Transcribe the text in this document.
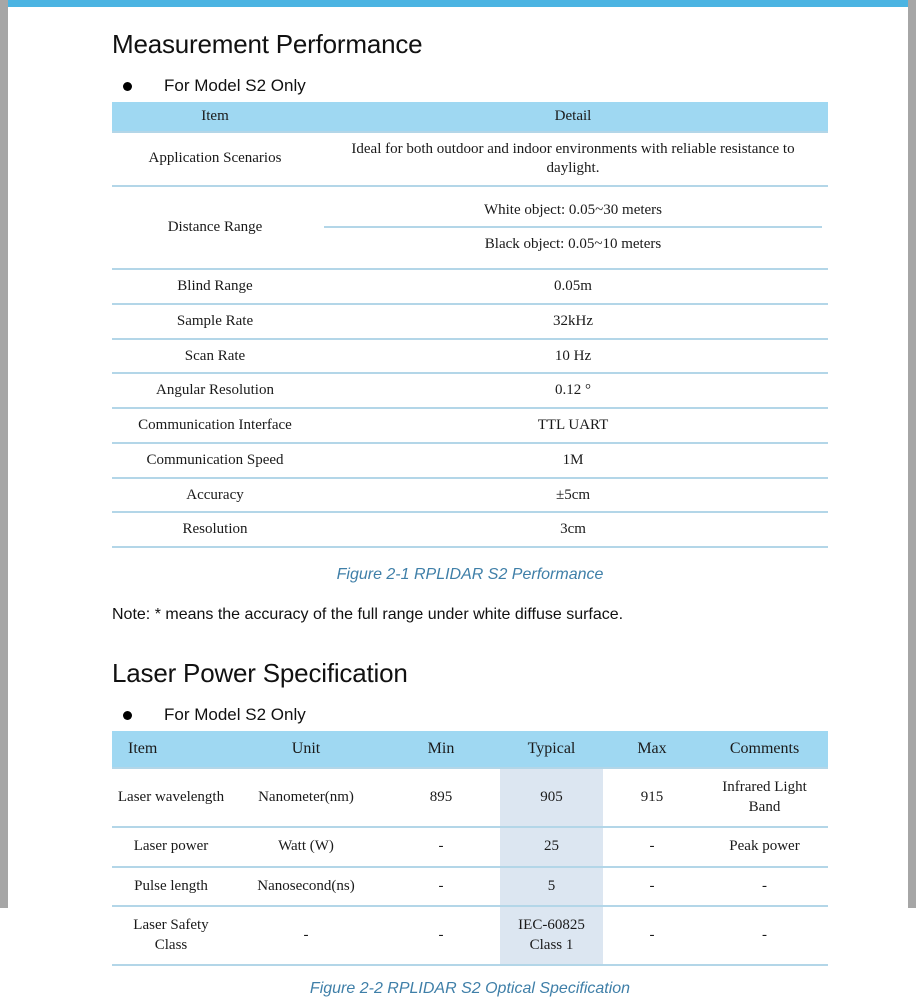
Measurement Performance
For Model S2 Only
Item	Detail
Application Scenarios	Ideal for both outdoor and indoor environments with reliable resistance to daylight.
Distance Range	White object: 0.05~30 meters
Black object: 0.05~10 meters

Blind Range	0.05m
Sample Rate	32kHz
Scan Rate	10 Hz
Angular Resolution	0.12 °
Communication Interface	TTL UART
Communication Speed	1M
Accuracy	±5cm
Resolution	3cm
Figure 2-1 RPLIDAR S2 Performance
Note: * means the accuracy of the full range under white diffuse surface.
Laser Power Specification
For Model S2 Only
Item	Unit	Min	Typical	Max	Comments
Laser wavelength	Nanometer(nm)	895	905	915	Infrared Light Band
Laser power	Watt (W)	-	25	-	Peak power
Pulse length	Nanosecond(ns)	-	5	-	-
Laser Safety Class	-	-	IEC-60825 Class 1	-	-
Figure 2-2 RPLIDAR S2 Optical Specification
